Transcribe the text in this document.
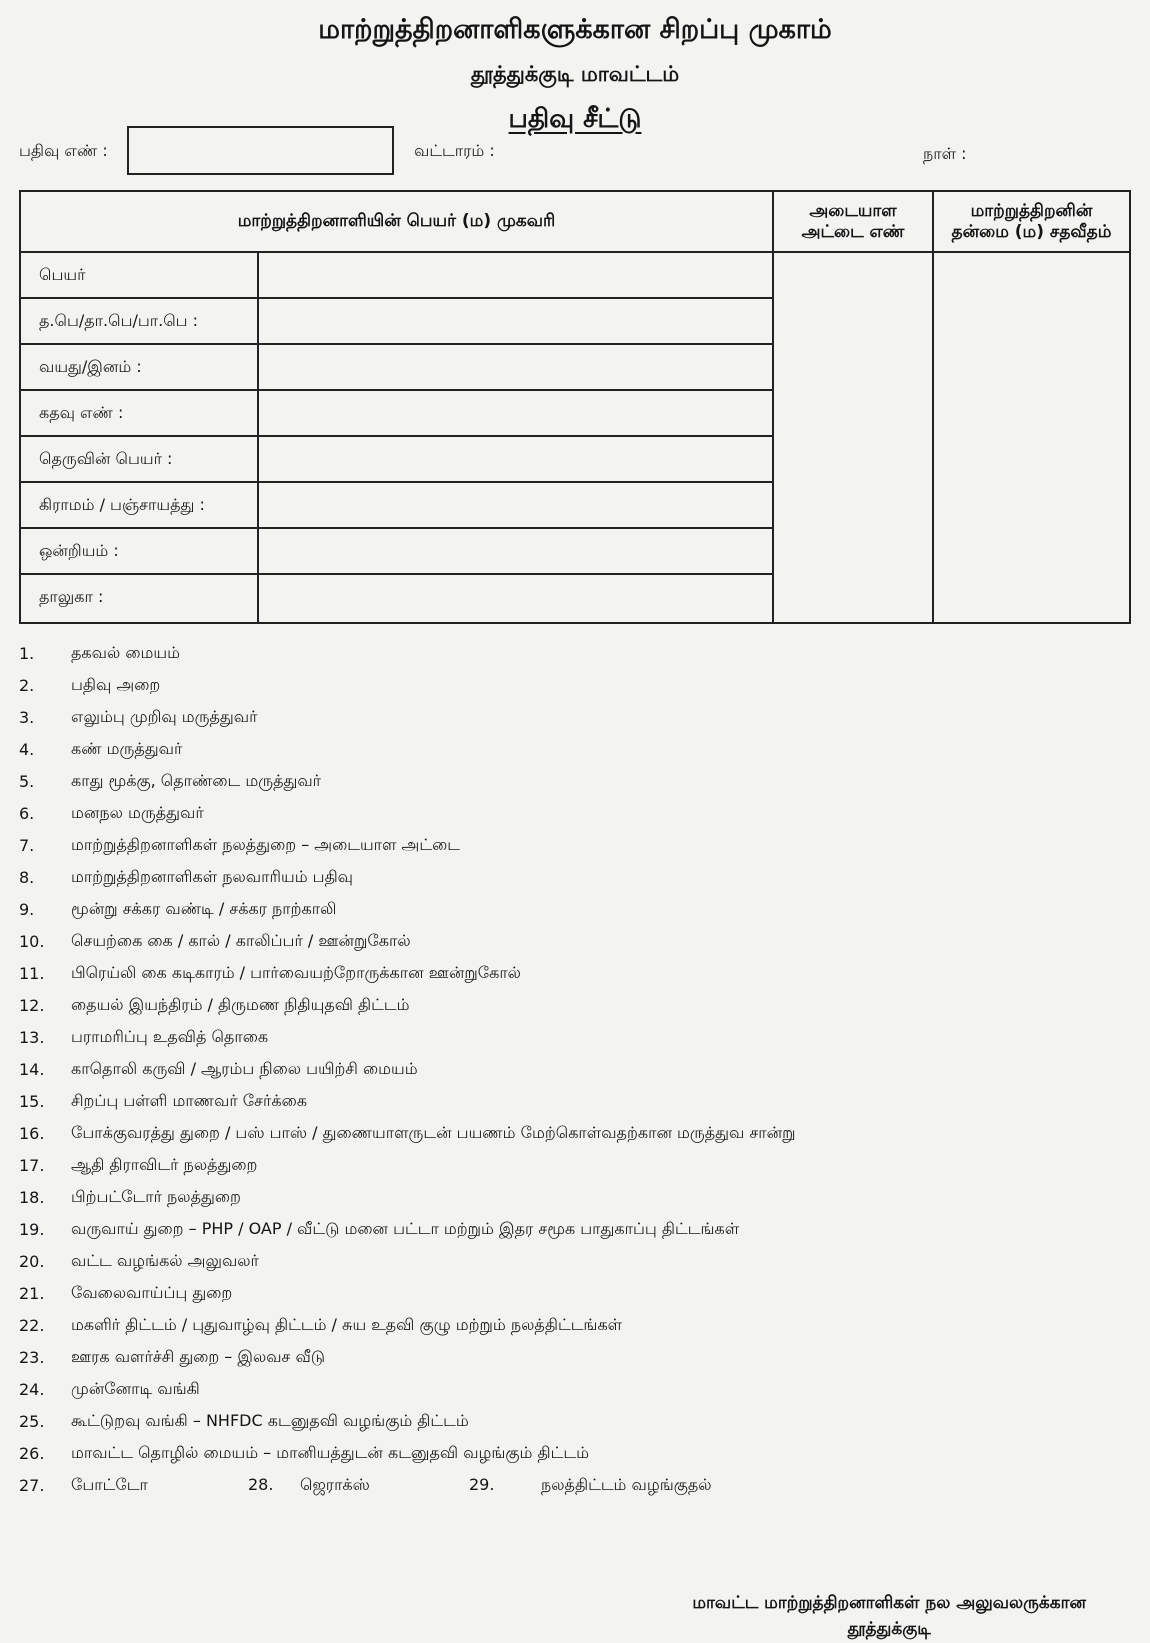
மாற்றுத்திறனாளிகளுக்கான சிறப்பு முகாம்
தூத்துக்குடி மாவட்டம்
பதிவு சீட்டு
பதிவு எண் :	வட்டாரம் :	நாள் :
மாற்றுத்திறனாளியின் பெயர் (ம) முகவரி
அடையாள
அட்டை எண்
மாற்றுத்திறனின்
தன்மை (ம) சதவீதம்
பெயர்
த.பெ/தா.பெ/பா.பெ :
வயது/இனம் :
கதவு எண் :
தெருவின் பெயர் :
கிராமம் / பஞ்சாயத்து :
ஒன்றியம் :
தாலுகா :
1.	தகவல் மையம்
2.	பதிவு அறை
3.	எலும்பு முறிவு மருத்துவர்
4.	கண் மருத்துவர்
5.	காது மூக்கு, தொண்டை மருத்துவர்
6.	மனநல மருத்துவர்
7.	மாற்றுத்திறனாளிகள் நலத்துறை – அடையாள அட்டை
8.	மாற்றுத்திறனாளிகள் நலவாரியம் பதிவு
9.	மூன்று சக்கர வண்டி / சக்கர நாற்காலி
10.	செயற்கை கை / கால் / காலிப்பர் / ஊன்றுகோல்
11.	பிரெய்லி கை கடிகாரம் / பார்வையற்றோருக்கான ஊன்றுகோல்
12.	தையல் இயந்திரம் / திருமண நிதியுதவி திட்டம்
13.	பராமரிப்பு உதவித் தொகை
14.	காதொலி கருவி / ஆரம்ப நிலை பயிற்சி மையம்
15.	சிறப்பு பள்ளி மாணவர் சேர்க்கை
16.	போக்குவரத்து துறை / பஸ் பாஸ் / துணையாளருடன் பயணம் மேற்கொள்வதற்கான மருத்துவ சான்று
17.	ஆதி திராவிடர் நலத்துறை
18.	பிற்பட்டோர் நலத்துறை
19.	வருவாய் துறை – PHP / OAP / வீட்டு மனை பட்டா மற்றும் இதர சமூக பாதுகாப்பு திட்டங்கள்
20.	வட்ட வழங்கல் அலுவலர்
21.	வேலைவாய்ப்பு துறை
22.	மகளிர் திட்டம் / புதுவாழ்வு திட்டம் / சுய உதவி குழு மற்றும் நலத்திட்டங்கள்
23.	ஊரக வளர்ச்சி துறை – இலவச வீடு
24.	முன்னோடி வங்கி
25.	கூட்டுறவு வங்கி – NHFDC கடனுதவி வழங்கும் திட்டம்
26.	மாவட்ட தொழில் மையம் – மானியத்துடன் கடனுதவி வழங்கும் திட்டம்
27.	போட்டோ	28. ஜெராக்ஸ்	29.	நலத்திட்டம் வழங்குதல்
மாவட்ட மாற்றுத்திறனாளிகள் நல அலுவலருக்கான
தூத்துக்குடி
